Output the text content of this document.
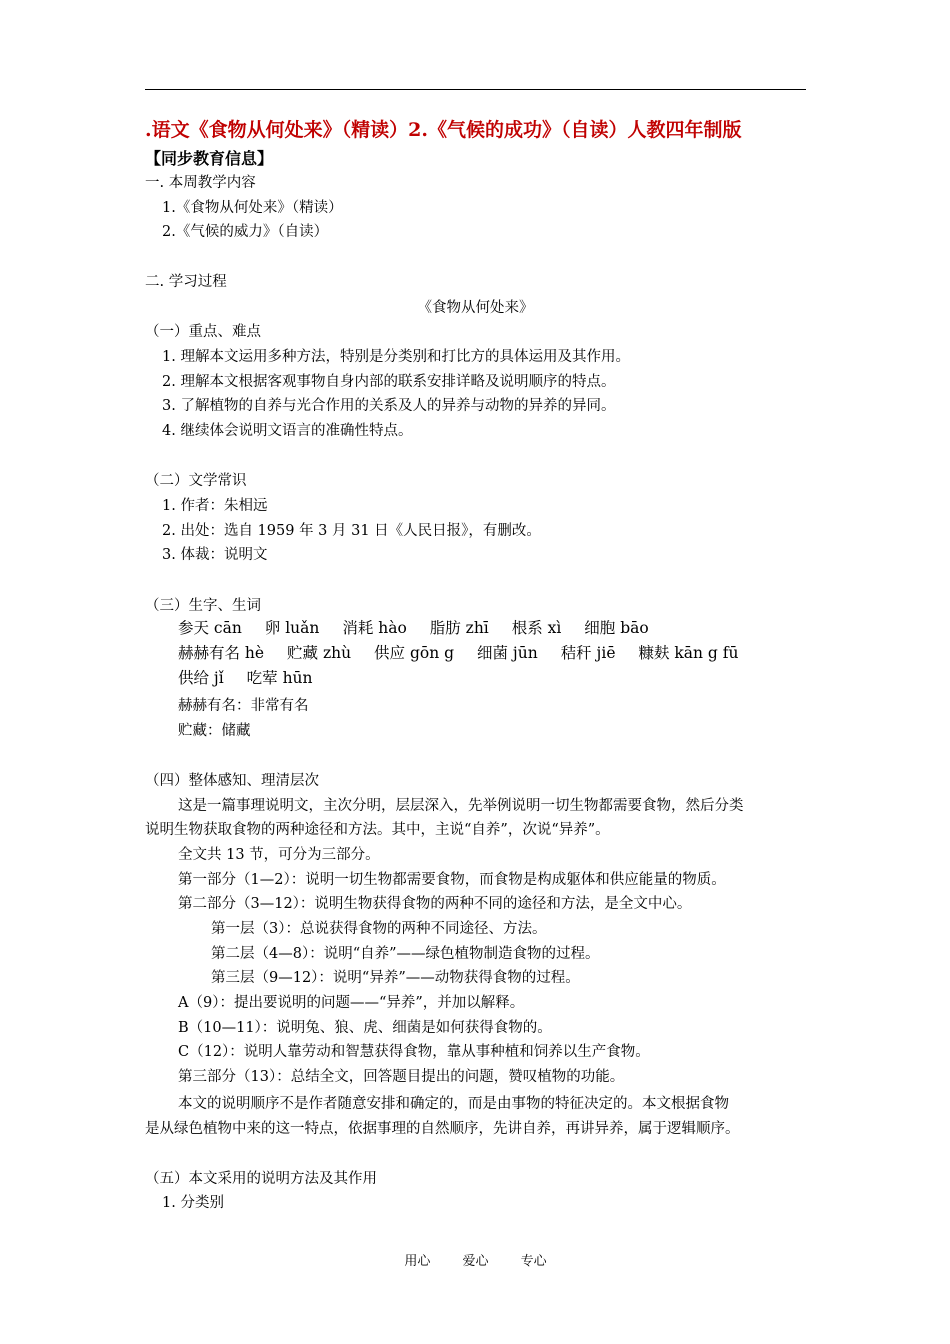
.语文《食物从何处来》（精读）2.《气候的成功》（自读）人教四年制版
【同步教育信息】
一. 本周教学内容
1.《食物从何处来》（精读）
2.《气候的威力》（自读）
二. 学习过程
《食物从何处来》
（一）重点、难点
1. 理解本文运用多种方法，特别是分类别和打比方的具体运用及其作用。
2. 理解本文根据客观事物自身内部的联系安排详略及说明顺序的特点。
3. 了解植物的自养与光合作用的关系及人的异养与动物的异养的异同。
4. 继续体会说明文语言的准确性特点。
（二）文学常识
1. 作者：朱相远
2. 出处：选自 1959 年 3 月 31 日《人民日报》，有删改。
3. 体裁：说明文
（三）生字、生词
参天 cān 卵 luǎn 消耗 hào 脂肪 zhī 根系 xì 细胞 bāo
赫赫有名 hè 贮藏 zhù 供应 gōn g 细菌 jūn 秸秆 jiē 糠麸 kān g fū
供给 jǐ 吃荤 hūn
赫赫有名：非常有名
贮藏：储藏
（四）整体感知、理清层次
这是一篇事理说明文，主次分明，层层深入，先举例说明一切生物都需要食物，然后分类
说明生物获取食物的两种途径和方法。其中，主说“自养”，次说“异养”。
全文共 13 节，可分为三部分。
第一部分（1—2）：说明一切生物都需要食物，而食物是构成躯体和供应能量的物质。
第二部分（3—12）：说明生物获得食物的两种不同的途径和方法，是全文中心。
第一层（3）：总说获得食物的两种不同途径、方法。
第二层（4—8）：说明“自养”——绿色植物制造食物的过程。
第三层（9—12）：说明“异养”——动物获得食物的过程。
A（9）：提出要说明的问题——“异养”，并加以解释。
B（10—11）：说明兔、狼、虎、细菌是如何获得食物的。
C（12）：说明人靠劳动和智慧获得食物，靠从事种植和饲养以生产食物。
第三部分（13）：总结全文，回答题目提出的问题，赞叹植物的功能。
本文的说明顺序不是作者随意安排和确定的，而是由事物的特征决定的。本文根据食物
是从绿色植物中来的这一特点，依据事理的自然顺序，先讲自养，再讲异养，属于逻辑顺序。
（五）本文采用的说明方法及其作用
1. 分类别
用心 爱心 专心
